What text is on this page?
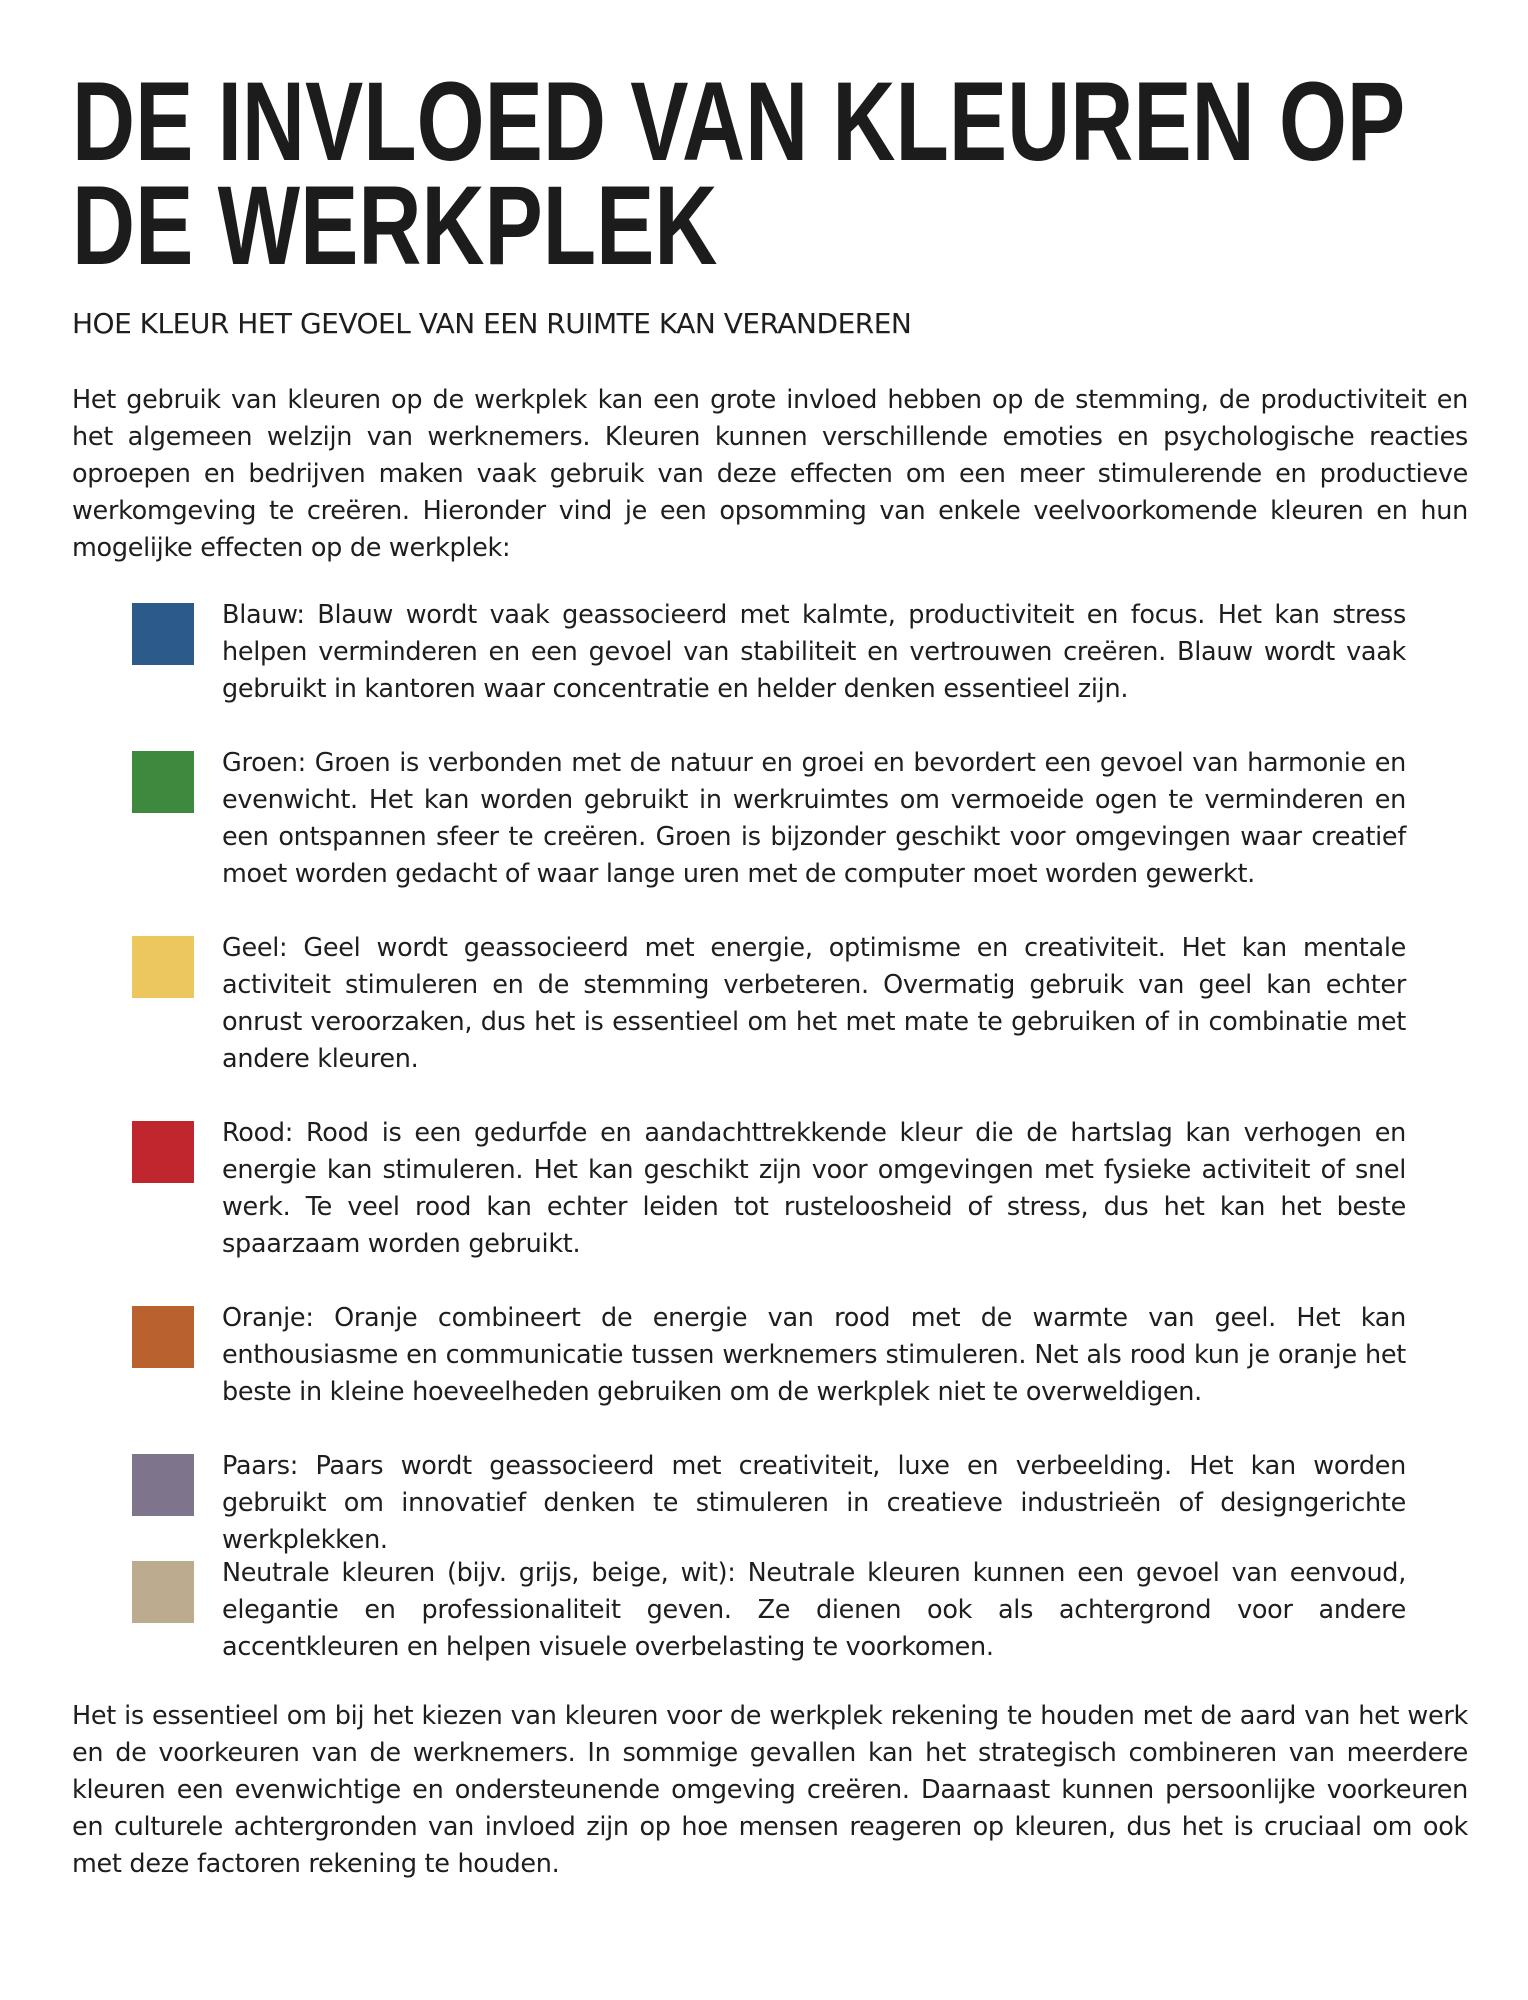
DE INVLOED VAN KLEUREN OP DE WERKPLEK
HOE KLEUR HET GEVOEL VAN EEN RUIMTE KAN VERANDEREN

Het gebruik van kleuren op de werkplek kan een grote invloed hebben op de stemming, de productiviteit en het algemeen welzijn van werknemers. Kleuren kunnen verschillende emoties en psychologische reacties oproepen en bedrijven maken vaak gebruik van deze effecten om een meer stimulerende en productieve werkomgeving te creëren. Hieronder vind je een opsomming van enkele veelvoorkomende kleuren en hun mogelijke effecten op de werkplek:

Blauw: Blauw wordt vaak geassocieerd met kalmte, productiviteit en focus. Het kan stress helpen verminderen en een gevoel van stabiliteit en vertrouwen creëren. Blauw wordt vaak gebruikt in kantoren waar concentratie en helder denken essentieel zijn.

Groen: Groen is verbonden met de natuur en groei en bevordert een gevoel van harmonie en evenwicht. Het kan worden gebruikt in werkruimtes om vermoeide ogen te verminderen en een ontspannen sfeer te creëren. Groen is bijzonder geschikt voor omgevingen waar creatief moet worden gedacht of waar lange uren met de computer moet worden gewerkt.

Geel: Geel wordt geassocieerd met energie, optimisme en creativiteit. Het kan mentale activiteit stimuleren en de stemming verbeteren. Overmatig gebruik van geel kan echter onrust veroorzaken, dus het is essentieel om het met mate te gebruiken of in combinatie met andere kleuren.

Rood: Rood is een gedurfde en aandachttrekkende kleur die de hartslag kan verhogen en energie kan stimuleren. Het kan geschikt zijn voor omgevingen met fysieke activiteit of snel werk. Te veel rood kan echter leiden tot rusteloosheid of stress, dus het kan het beste spaarzaam worden gebruikt.

Oranje: Oranje combineert de energie van rood met de warmte van geel. Het kan enthousiasme en communicatie tussen werknemers stimuleren. Net als rood kun je oranje het beste in kleine hoeveelheden gebruiken om de werkplek niet te overweldigen.

Paars: Paars wordt geassocieerd met creativiteit, luxe en verbeelding. Het kan worden gebruikt om innovatief denken te stimuleren in creatieve industrieën of designgerichte werkplekken.

Neutrale kleuren (bijv. grijs, beige, wit): Neutrale kleuren kunnen een gevoel van eenvoud, elegantie en professionaliteit geven. Ze dienen ook als achtergrond voor andere accentkleuren en helpen visuele overbelasting te voorkomen.

Het is essentieel om bij het kiezen van kleuren voor de werkplek rekening te houden met de aard van het werk en de voorkeuren van de werknemers. In sommige gevallen kan het strategisch combineren van meerdere kleuren een evenwichtige en ondersteunende omgeving creëren. Daarnaast kunnen persoonlijke voorkeuren en culturele achtergronden van invloed zijn op hoe mensen reageren op kleuren, dus het is cruciaal om ook met deze factoren rekening te houden.
